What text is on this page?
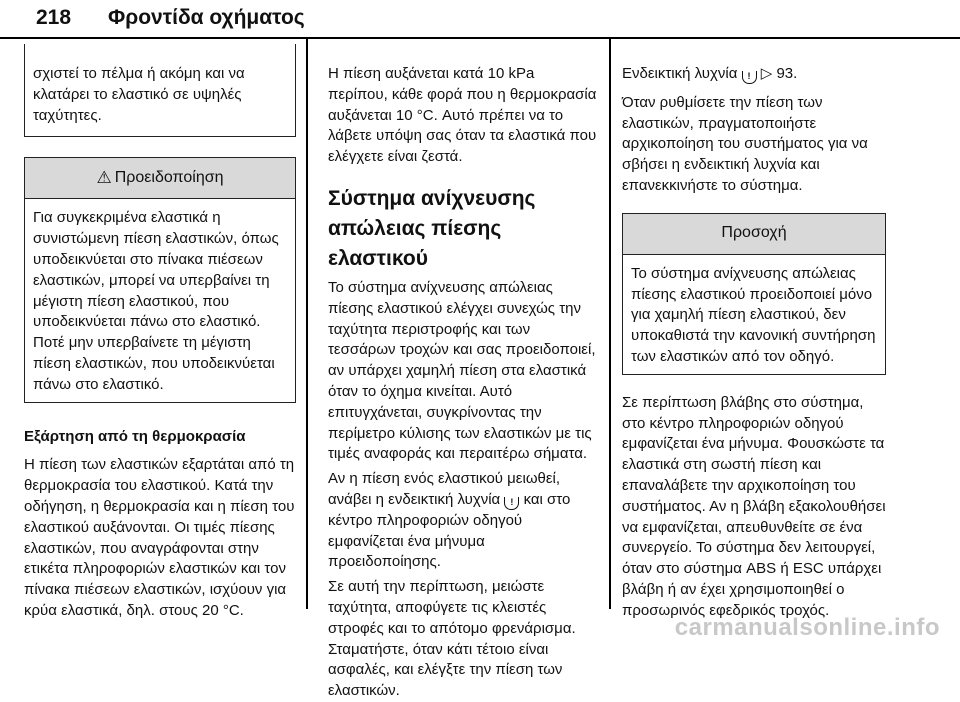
218 Φροντίδα οχήματος

σχιστεί το πέλμα ή ακόμη και να κλατάρει το ελαστικό σε υψηλές ταχύτητες.

⚠ Προειδοποίηση

Για συγκεκριμένα ελαστικά η συνιστώμενη πίεση ελαστικών, όπως υποδεικνύεται στο πίνακα πιέσεων ελαστικών, μπορεί να υπερβαίνει τη μέγιστη πίεση ελαστικού, που υποδεικνύεται πάνω στο ελαστικό. Ποτέ μην υπερβαίνετε τη μέγιστη πίεση ελαστικών, που υποδεικνύεται πάνω στο ελαστικό.

Εξάρτηση από τη θερμοκρασία

Η πίεση των ελαστικών εξαρτάται από τη θερμοκρασία του ελαστικού. Κατά την οδήγηση, η θερμοκρασία και η πίεση του ελαστικού αυξάνονται. Οι τιμές πίεσης ελαστικών, που αναγράφονται στην ετικέτα πληροφοριών ελαστικών και τον πίνακα πιέσεων ελαστικών, ισχύουν για κρύα ελαστικά, δηλ. στους 20 °C.

Η πίεση αυξάνεται κατά 10 kPa περίπου, κάθε φορά που η θερμοκρασία αυξάνεται 10 °C. Αυτό πρέπει να το λάβετε υπόψη σας όταν τα ελαστικά που ελέγχετε είναι ζεστά.

Σύστημα ανίχνευσης απώλειας πίεσης ελαστικού

Το σύστημα ανίχνευσης απώλειας πίεσης ελαστικού ελέγχει συνεχώς την ταχύτητα περιστροφής και των τεσσάρων τροχών και σας προειδοποιεί, αν υπάρχει χαμηλή πίεση στα ελαστικά όταν το όχημα κινείται. Αυτό επιτυγχάνεται, συγκρίνοντας την περίμετρο κύλισης των ελαστικών με τις τιμές αναφοράς και περαιτέρω σήματα.

Αν η πίεση ενός ελαστικού μειωθεί, ανάβει η ενδεικτική λυχνία ! και στο κέντρο πληροφοριών οδηγού εμφανίζεται ένα μήνυμα προειδοποίησης.

Σε αυτή την περίπτωση, μειώστε ταχύτητα, αποφύγετε τις κλειστές στροφές και το απότομο φρενάρισμα. Σταματήστε, όταν κάτι τέτοιο είναι ασφαλές, και ελέγξτε την πίεση των ελαστικών.

Ενδεικτική λυχνία ! ▷ 93.

Όταν ρυθμίσετε την πίεση των ελαστικών, πραγματοποιήστε αρχικοποίηση του συστήματος για να σβήσει η ενδεικτική λυχνία και επανεκκινήστε το σύστημα.

Προσοχή

Το σύστημα ανίχνευσης απώλειας πίεσης ελαστικού προειδοποιεί μόνο για χαμηλή πίεση ελαστικού, δεν υποκαθιστά την κανονική συντήρηση των ελαστικών από τον οδηγό.

Σε περίπτωση βλάβης στο σύστημα, στο κέντρο πληροφοριών οδηγού εμφανίζεται ένα μήνυμα. Φουσκώστε τα ελαστικά στη σωστή πίεση και επαναλάβετε την αρχικοποίηση του συστήματος. Αν η βλάβη εξακολουθήσει να εμφανίζεται, απευθυνθείτε σε ένα συνεργείο. Το σύστημα δεν λειτουργεί, όταν στο σύστημα ABS ή ESC υπάρχει βλάβη ή αν έχει χρησιμοποιηθεί ο προσωρινός εφεδρικός τροχός.

carmanualsonline.info
